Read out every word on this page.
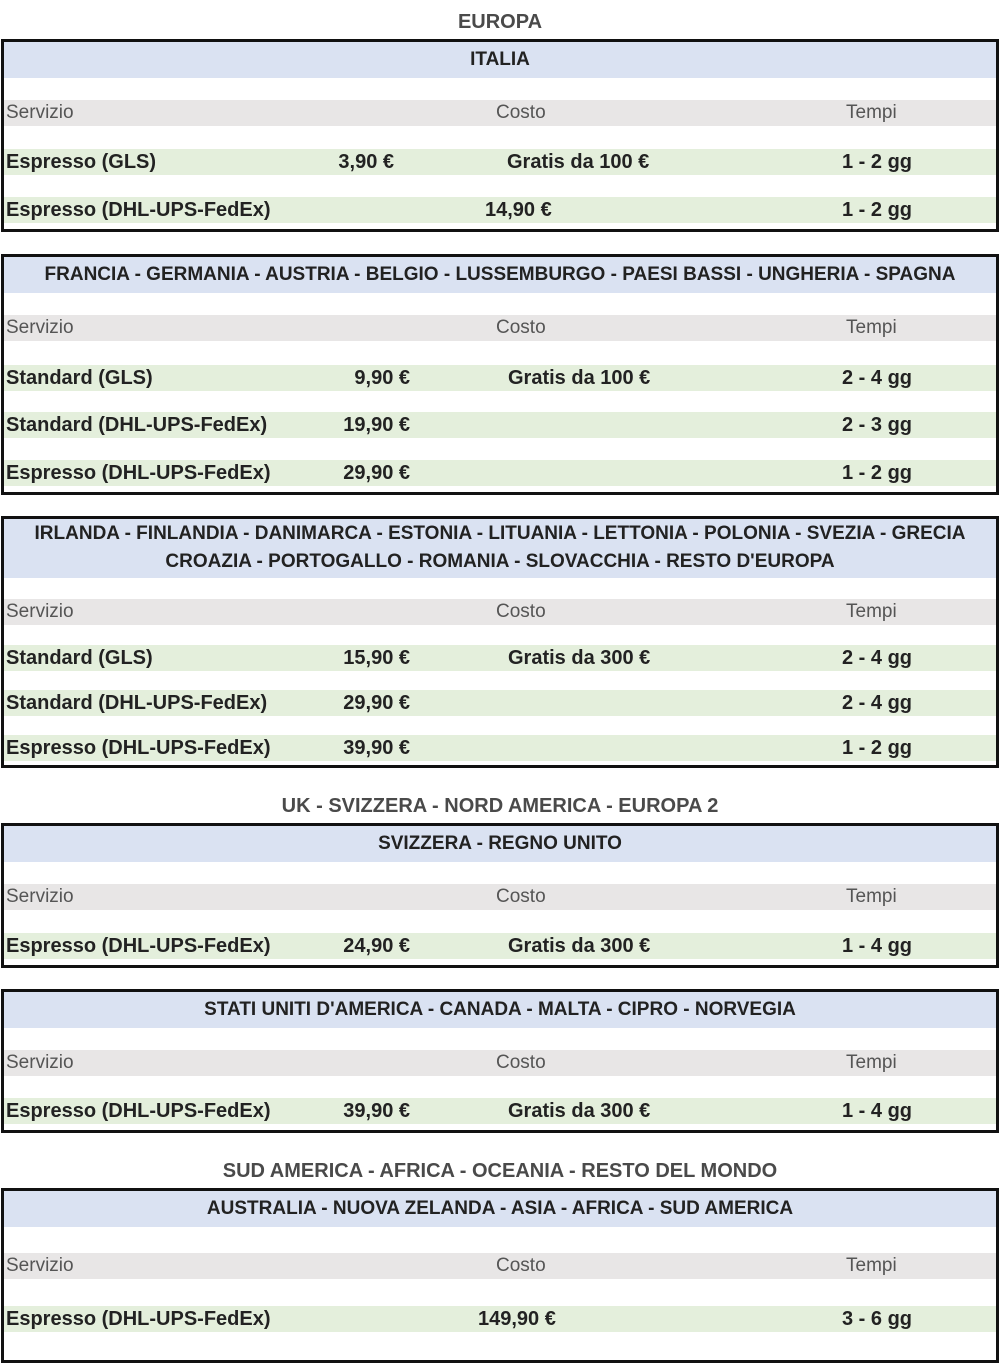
EUROPA
ITALIA
Servizio	Costo	Tempi
Espresso (GLS)	3,90 €	Gratis da 100 €	1 - 2 gg
Espresso (DHL-UPS-FedEx)	14,90 €	1 - 2 gg
FRANCIA - GERMANIA - AUSTRIA - BELGIO - LUSSEMBURGO - PAESI BASSI - UNGHERIA - SPAGNA
Servizio	Costo	Tempi
Standard (GLS)	9,90 €	Gratis da 100 €	2 - 4 gg
Standard (DHL-UPS-FedEx)	19,90 €	2 - 3 gg
Espresso (DHL-UPS-FedEx)	29,90 €	1 - 2 gg
IRLANDA - FINLANDIA - DANIMARCA - ESTONIA - LITUANIA - LETTONIA - POLONIA - SVEZIA - GRECIA
CROAZIA - PORTOGALLO - ROMANIA - SLOVACCHIA - RESTO D'EUROPA
Servizio	Costo	Tempi
Standard (GLS)	15,90 €	Gratis da 300 €	2 - 4 gg
Standard (DHL-UPS-FedEx)	29,90 €	2 - 4 gg
Espresso (DHL-UPS-FedEx)	39,90 €	1 - 2 gg
UK - SVIZZERA - NORD AMERICA - EUROPA 2
SVIZZERA - REGNO UNITO
Servizio	Costo	Tempi
Espresso (DHL-UPS-FedEx)	24,90 €	Gratis da 300 €	1 - 4 gg
STATI UNITI D'AMERICA - CANADA - MALTA - CIPRO - NORVEGIA
Servizio	Costo	Tempi
Espresso (DHL-UPS-FedEx)	39,90 €	Gratis da 300 €	1 - 4 gg
SUD AMERICA - AFRICA - OCEANIA - RESTO DEL MONDO
AUSTRALIA - NUOVA ZELANDA - ASIA - AFRICA - SUD AMERICA
Servizio	Costo	Tempi
Espresso (DHL-UPS-FedEx)	149,90 €	3 - 6 gg
